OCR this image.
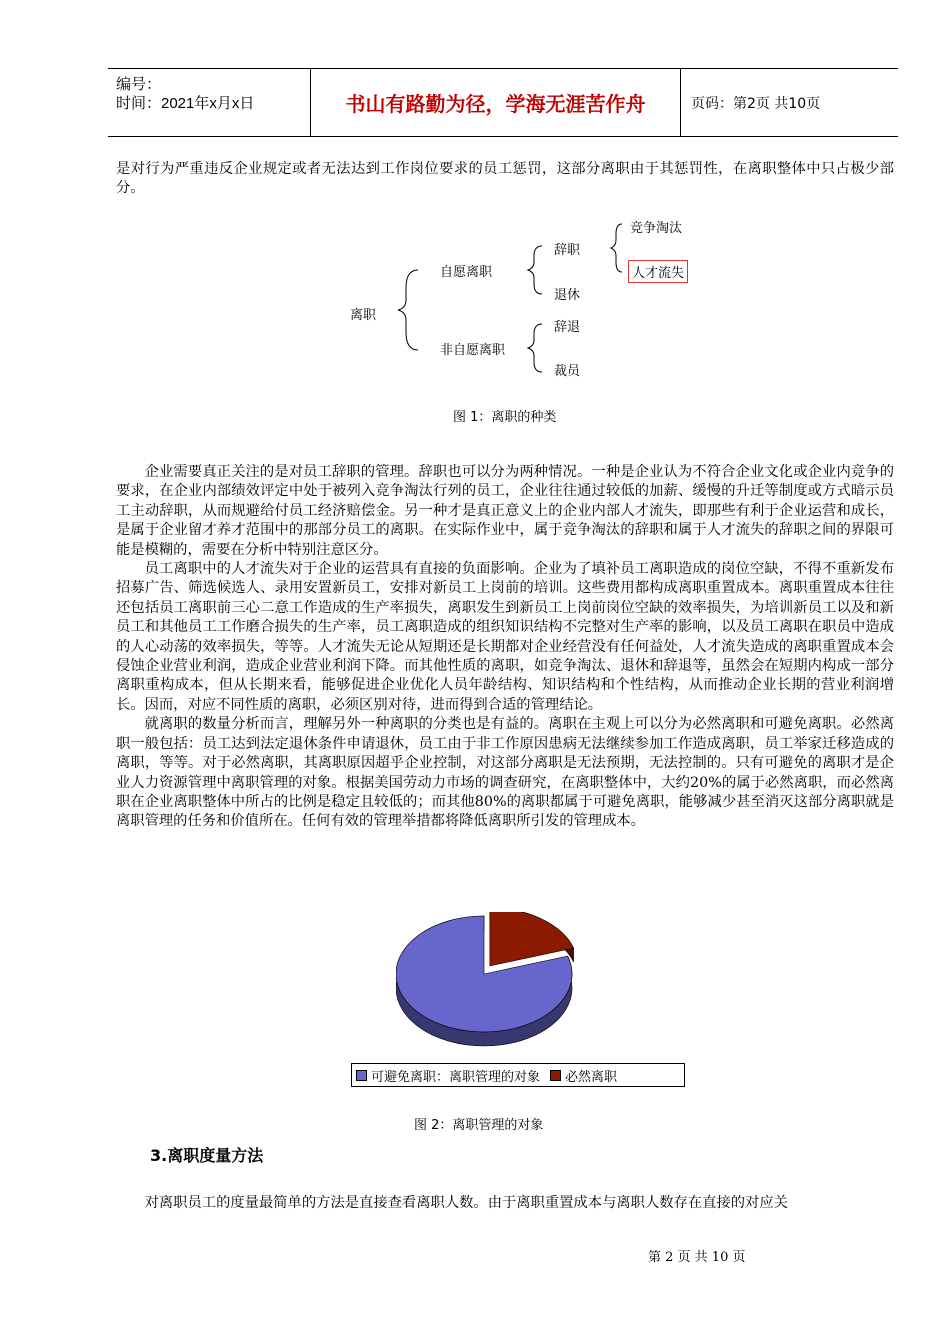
编号：
时间：2021年x月x日	书山有路勤为径，学海无涯苦作舟	页码：第2页 共10页

是对行为严重违反企业规定或者无法达到工作岗位要求的员工惩罚，这部分离职由于其惩罚性，在离职整体中只占极少部分。

离职
自愿离职
非自愿离职
辞职
退休
辞退
裁员
竞争淘汰
人才流失
图 1：离职的种类

企业需要真正关注的是对员工辞职的管理。辞职也可以分为两种情况。一种是企业认为不符合企业文化或企业内竞争的要求，在企业内部绩效评定中处于被列入竞争淘汰行列的员工，企业往往通过较低的加薪、缓慢的升迁等制度或方式暗示员工主动辞职，从而规避给付员工经济赔偿金。另一种才是真正意义上的企业内部人才流失，即那些有利于企业运营和成长，是属于企业留才养才范围中的那部分员工的离职。在实际作业中，属于竞争淘汰的辞职和属于人才流失的辞职之间的界限可能是模糊的，需要在分析中特别注意区分。

员工离职中的人才流失对于企业的运营具有直接的负面影响。企业为了填补员工离职造成的岗位空缺，不得不重新发布招募广告、筛选候选人、录用安置新员工，安排对新员工上岗前的培训。这些费用都构成离职重置成本。离职重置成本往往还包括员工离职前三心二意工作造成的生产率损失，离职发生到新员工上岗前岗位空缺的效率损失，为培训新员工以及和新员工和其他员工工作磨合损失的生产率，员工离职造成的组织知识结构不完整对生产率的影响，以及员工离职在职员中造成的人心动荡的效率损失，等等。人才流失无论从短期还是长期都对企业经营没有任何益处，人才流失造成的离职重置成本会侵蚀企业营业利润，造成企业营业利润下降。而其他性质的离职，如竞争淘汰、退休和辞退等，虽然会在短期内构成一部分离职重构成本，但从长期来看，能够促进企业优化人员年龄结构、知识结构和个性结构，从而推动企业长期的营业利润增长。因而，对应不同性质的离职，必须区别对待，进而得到合适的管理结论。

就离职的数量分析而言，理解另外一种离职的分类也是有益的。离职在主观上可以分为必然离职和可避免离职。必然离职一般包括：员工达到法定退休条件申请退休，员工由于非工作原因患病无法继续参加工作造成离职，员工举家迁移造成的离职，等等。对于必然离职，其离职原因超乎企业控制，对这部分离职是无法预期，无法控制的。只有可避免的离职才是企业人力资源管理中离职管理的对象。根据美国劳动力市场的调查研究，在离职整体中，大约20%的属于必然离职，而必然离职在企业离职整体中所占的比例是稳定且较低的；而其他80%的离职都属于可避免离职，能够减少甚至消灭这部分离职就是离职管理的任务和价值所在。任何有效的管理举措都将降低离职所引发的管理成本。

可避免离职：离职管理的对象 必然离职
图 2：离职管理的对象
3.离职度量方法

对离职员工的度量最简单的方法是直接查看离职人数。由于离职重置成本与离职人数存在直接的对应关

第 2 页 共 10 页
